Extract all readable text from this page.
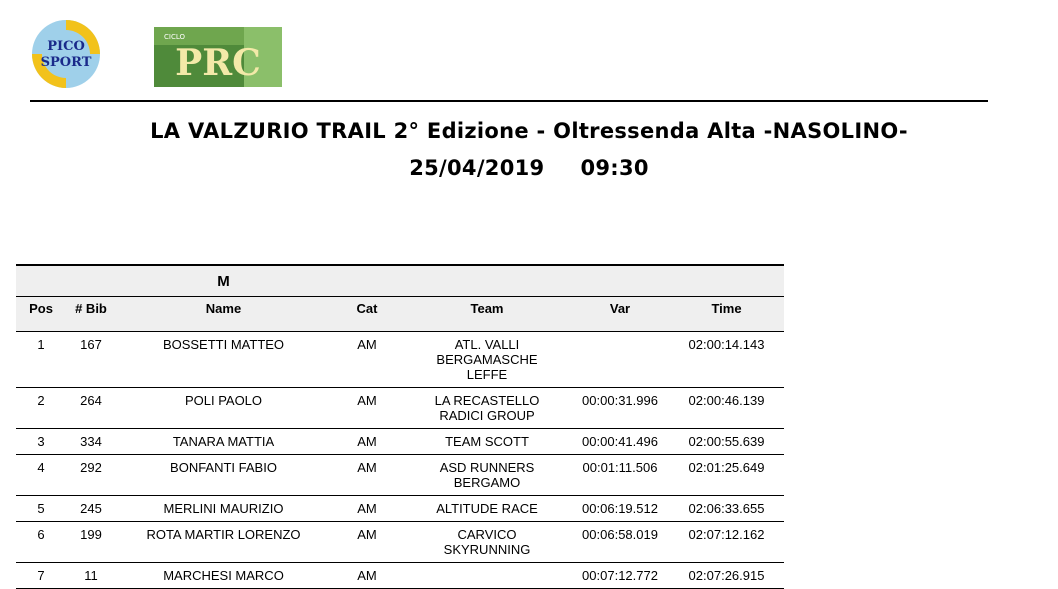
PICO
SPORT
CICLO
PRC
LA VALZURIO TRAIL 2° Edizione - Oltressenda Alta -NASOLINO-
25/04/2019 09:30
		M				
Pos	# Bib	Name	Cat	Team	Var	Time
1	167	BOSSETTI MATTEO	AM	ATL. VALLI
BERGAMASCHE
LEFFE		02:00:14.143
2	264	POLI PAOLO	AM	LA RECASTELLO
RADICI GROUP	00:00:31.996	02:00:46.139
3	334	TANARA MATTIA	AM	TEAM SCOTT	00:00:41.496	02:00:55.639
4	292	BONFANTI FABIO	AM	ASD RUNNERS
BERGAMO	00:01:11.506	02:01:25.649
5	245	MERLINI MAURIZIO	AM	ALTITUDE RACE	00:06:19.512	02:06:33.655
6	199	ROTA MARTIR LORENZO	AM	CARVICO
SKYRUNNING	00:06:58.019	02:07:12.162
7	11	MARCHESI MARCO	AM		00:07:12.772	02:07:26.915
